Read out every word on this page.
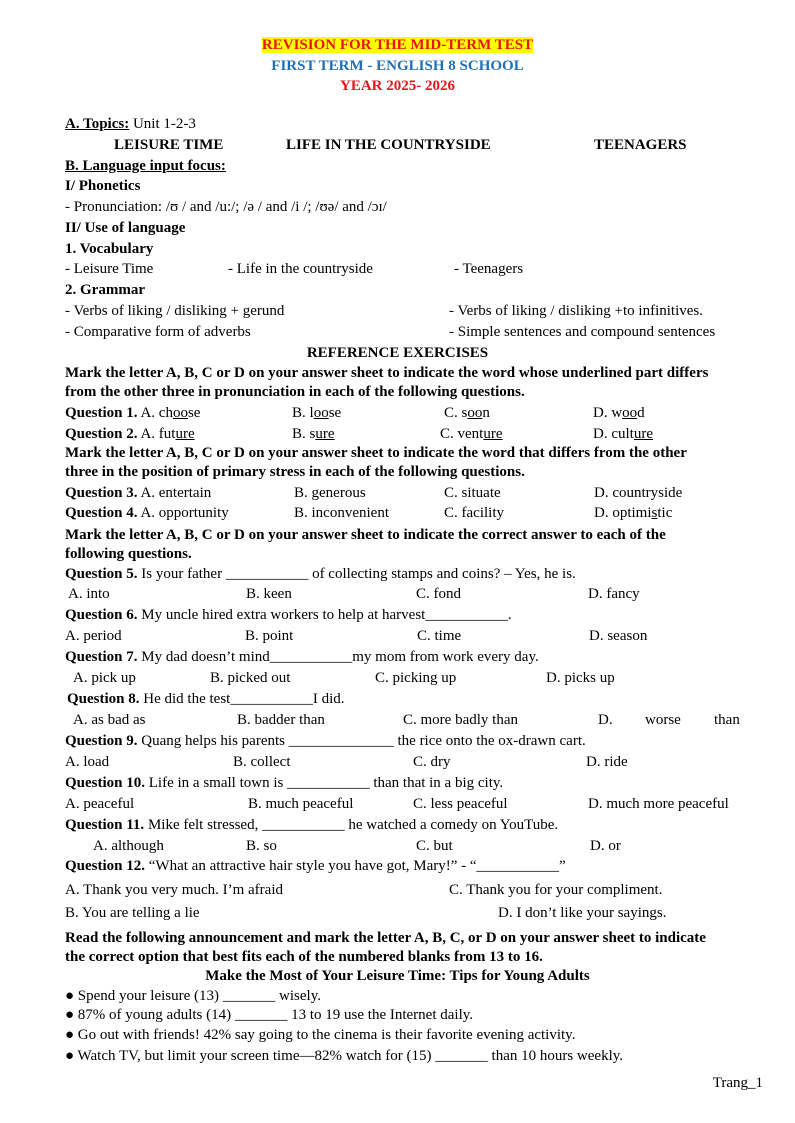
REVISION FOR THE MID-TERM TEST
FIRST TERM - ENGLISH 8 SCHOOL
YEAR 2025- 2026
A. Topics: Unit 1-2-3
LEISURE TIME	LIFE IN THE COUNTRYSIDE	TEENAGERS
B. Language input focus:
I/ Phonetics
- Pronunciation: /ʊ / and /u:/; /ə / and /i /; /ʊə/ and /ɔɪ/
II/ Use of language
1. Vocabulary
- Leisure Time	- Life in the countryside	- Teenagers
2. Grammar
- Verbs of liking / disliking + gerund	- Verbs of liking / disliking +to infinitives.
- Comparative form of adverbs	- Simple sentences and compound sentences
REFERENCE EXERCISES
Mark the letter A, B, C or D on your answer sheet to indicate the word whose underlined part differs
from the other three in pronunciation in each of the following questions.
Question 1. A. choose	B. loose	C. soon	D. wood
Question 2. A. future	B. sure	C. venture	D. culture
Mark the letter A, B, C or D on your answer sheet to indicate the word that differs from the other
three in the position of primary stress in each of the following questions.
Question 3. A. entertain	B. generous	C. situate	D. countryside
Question 4. A. opportunity	B. inconvenient	C. facility	D. optimistic
Mark the letter A, B, C or D on your answer sheet to indicate the correct answer to each of the
following questions.
Question 5. Is your father ___________ of collecting stamps and coins? – Yes, he is.
A. into	B. keen	C. fond	D. fancy
Question 6. My uncle hired extra workers to help at harvest___________.
A. period	B. point	C. time	D. season
Question 7. My dad doesn’t mind___________my mom from work every day.
A. pick up	B. picked out	C. picking up	D. picks up
Question 8. He did the test___________I did.
A. as bad as	B. badder than	C. more badly than	D. worse than
Question 9. Quang helps his parents ______________ the rice onto the ox-drawn cart.
A. load	B. collect	C. dry	D. ride
Question 10. Life in a small town is ___________ than that in a big city.
A. peaceful	B. much peaceful	C. less peaceful	D. much more peaceful
Question 11. Mike felt stressed, ___________ he watched a comedy on YouTube.
A. although	B. so	C. but	D. or
Question 12. “What an attractive hair style you have got, Mary!” - “___________”
A. Thank you very much. I’m afraid	C. Thank you for your compliment.
B. You are telling a lie	D. I don’t like your sayings.
Read the following announcement and mark the letter A, B, C, or D on your answer sheet to indicate
the correct option that best fits each of the numbered blanks from 13 to 16.
Make the Most of Your Leisure Time: Tips for Young Adults
● Spend your leisure (13) _______ wisely.
● 87% of young adults (14) _______ 13 to 19 use the Internet daily.
● Go out with friends! 42% say going to the cinema is their favorite evening activity.
● Watch TV, but limit your screen time—82% watch for (15) _______ than 10 hours weekly.
Trang_1
